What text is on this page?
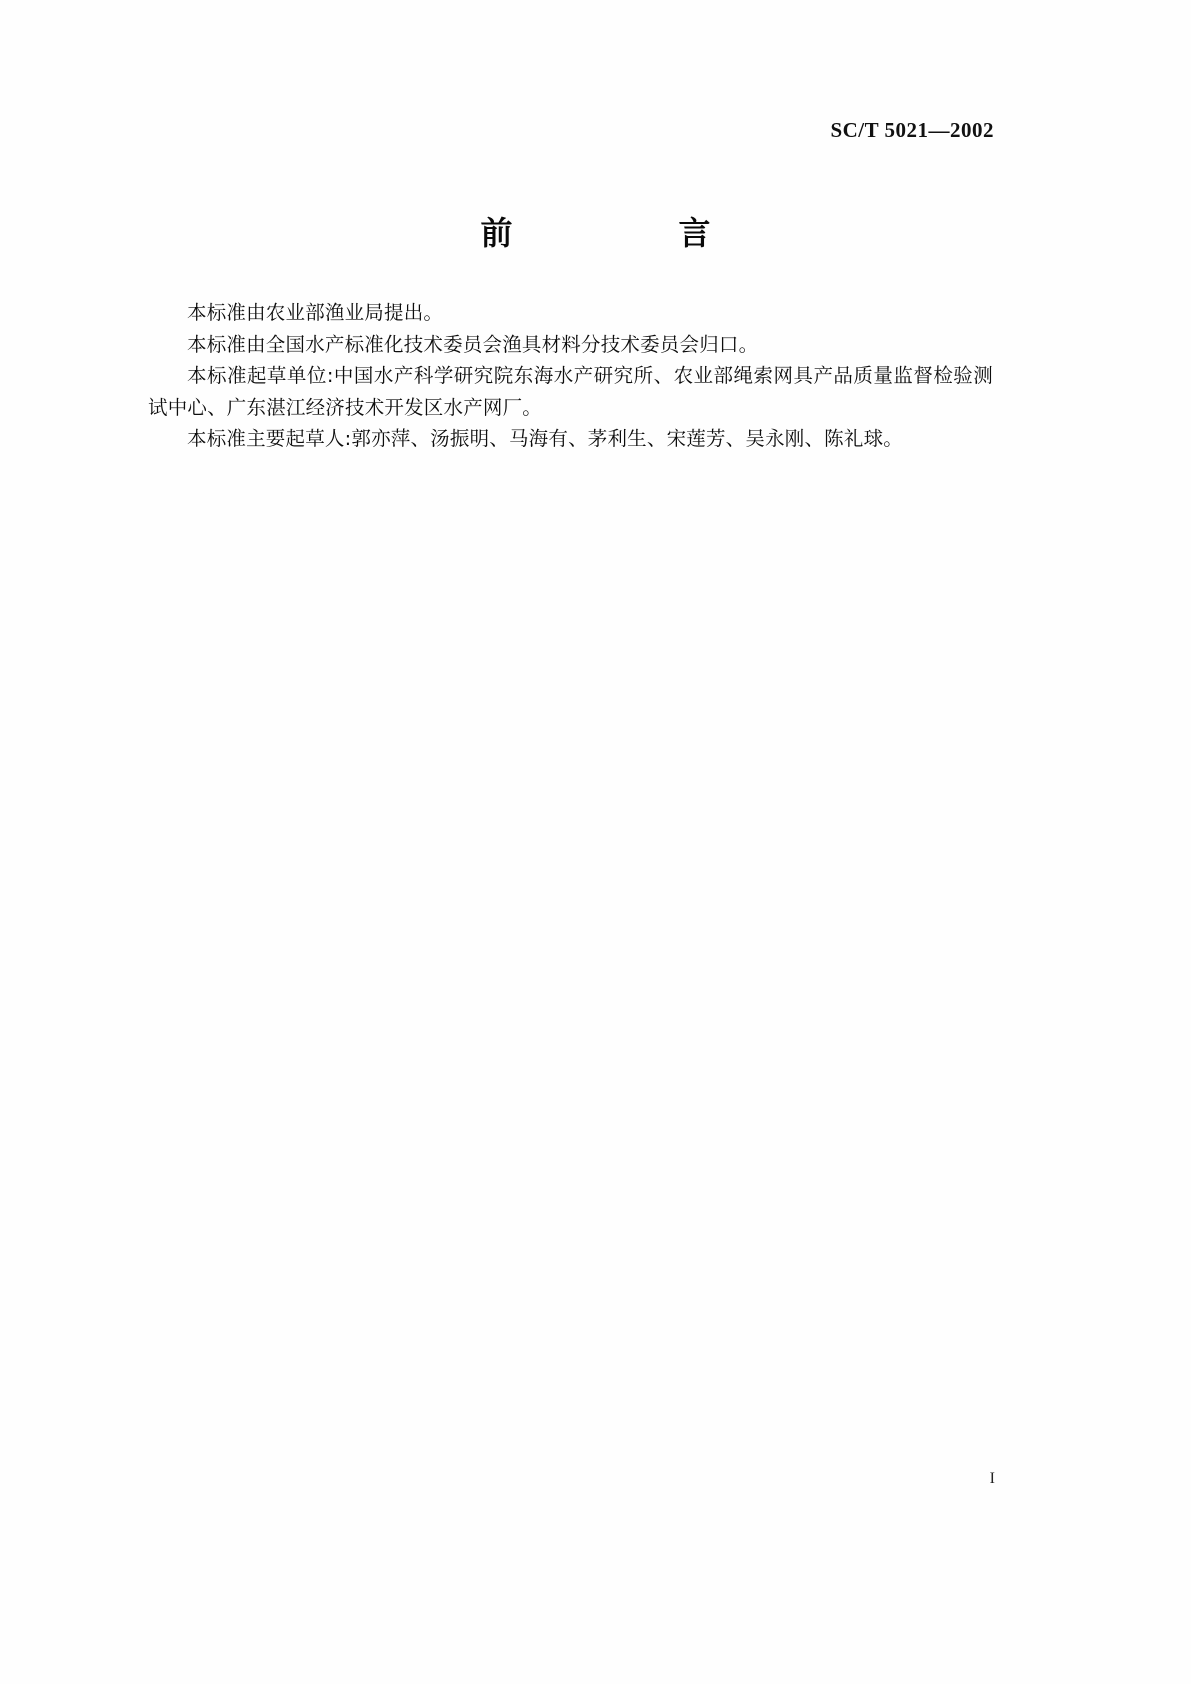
SC/T 5021—2002
前　　言

本标准由农业部渔业局提出。

本标准由全国水产标准化技术委员会渔具材料分技术委员会归口。

本标准起草单位:中国水产科学研究院东海水产研究所、农业部绳索网具产品质量监督检验测试中心、广东湛江经济技术开发区水产网厂。

本标准主要起草人:郭亦萍、汤振明、马海有、茅利生、宋莲芳、吴永刚、陈礼球。

I
